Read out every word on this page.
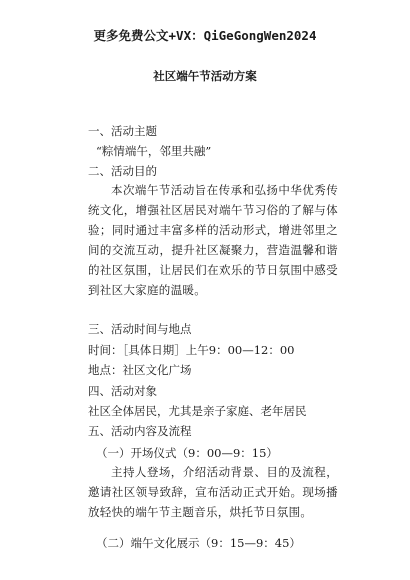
更多免费公文+VX：QiGeGongWen2024
社区端午节活动方案
一、活动主题
“粽情端午，邻里共融”
二、活动目的
本次端午节活动旨在传承和弘扬中华优秀传统文化，增强社区居民对端午节习俗的了解与体验；同时通过丰富多样的活动形式，增进邻里之间的交流互动，提升社区凝聚力，营造温馨和谐的社区氛围，让居民们在欢乐的节日氛围中感受到社区大家庭的温暖。
三、活动时间与地点
时间：［具体日期］上午9：00—12：00
地点：社区文化广场
四、活动对象
社区全体居民，尤其是亲子家庭、老年居民
五、活动内容及流程
（一）开场仪式（9：00—9：15）
主持人登场，介绍活动背景、目的及流程，邀请社区领导致辞，宣布活动正式开始。现场播放轻快的端午节主题音乐，烘托节日氛围。
（二）端午文化展示（9：15—9：45）
